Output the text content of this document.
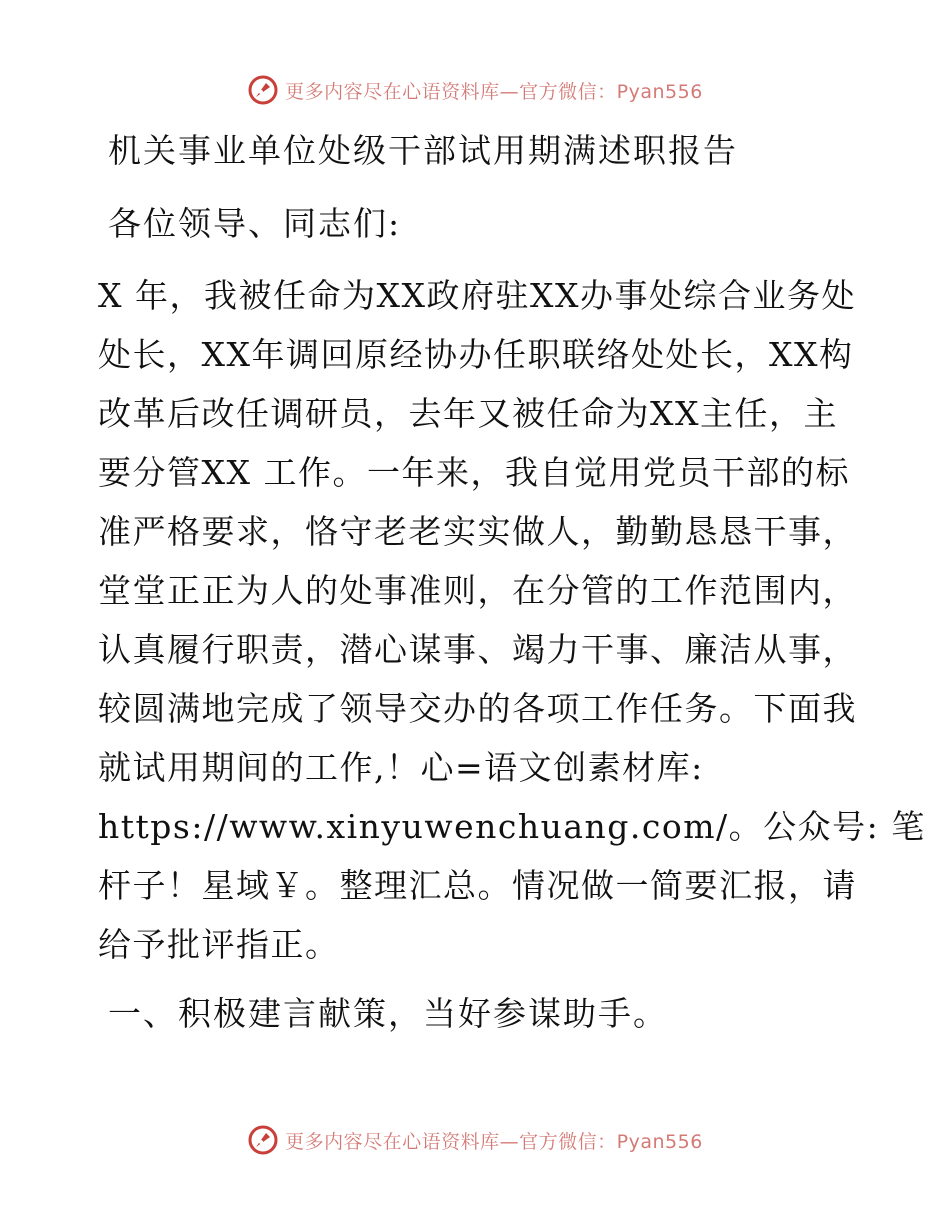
更多内容尽在心语资料库—官方微信：Pyan556
机关事业单位处级干部试用期满述职报告
各位领导、同志们:
X 年，我被任命为XX政府驻XX办事处综合业务处
处长，XX年调回原经协办任职联络处处长，XX构
改革后改任调研员，去年又被任命为XX主任，主
要分管XX 工作。一年来，我自觉用党员干部的标
准严格要求，恪守老老实实做人，勤勤恳恳干事，
堂堂正正为人的处事准则，在分管的工作范围内，
认真履行职责，潜心谋事、竭力干事、廉洁从事，
较圆满地完成了领导交办的各项工作任务。下面我
就试用期间的工作,！心=语文创素材库:
https://www.xinyuwenchuang.com/。公众号: 笔
杆子！星域￥。整理汇总。情况做一简要汇报，请
给予批评指正。
一、积极建言献策，当好参谋助手。
更多内容尽在心语资料库—官方微信：Pyan556
